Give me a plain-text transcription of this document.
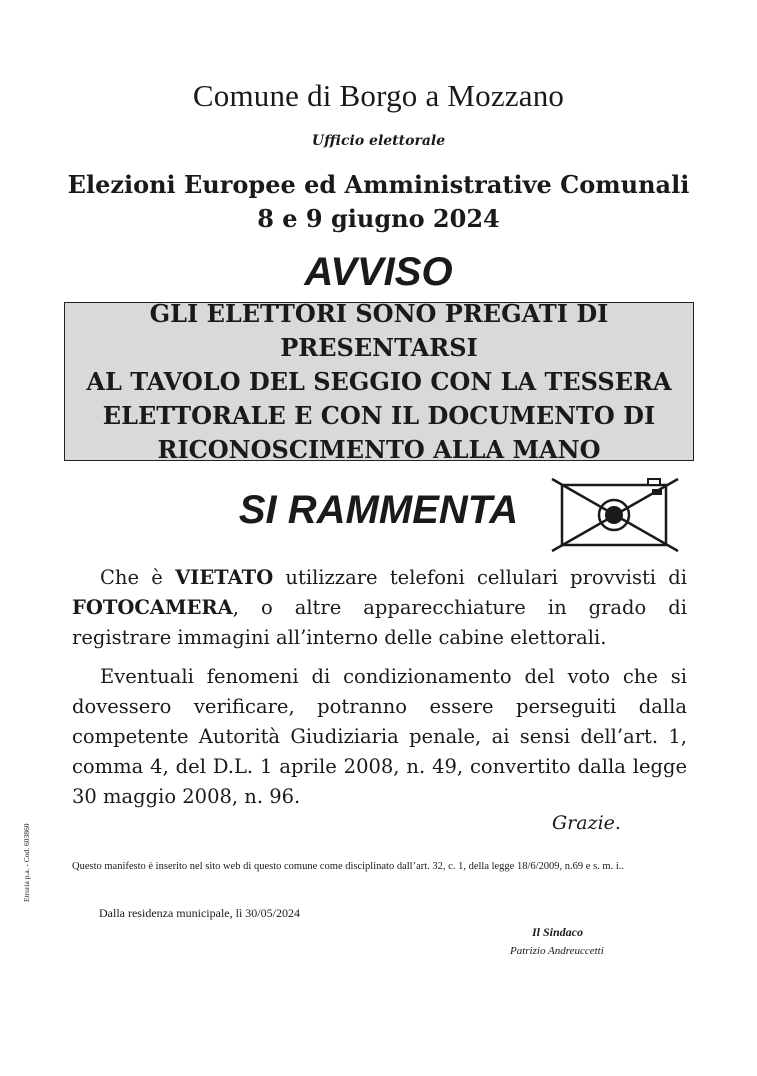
Comune di Borgo a Mozzano
Ufficio elettorale
Elezioni Europee ed Amministrative Comunali
8 e 9 giugno 2024
AVVISO
GLI ELETTORI SONO PREGATI DI PRESENTARSI
AL TAVOLO DEL SEGGIO CON LA TESSERA
ELETTORALE E CON IL DOCUMENTO DI
RICONOSCIMENTO ALLA MANO
SI RAMMENTA
Che è VIETATO utilizzare telefoni cellulari provvisti di FOTOCAMERA, o altre apparecchiature in grado di registrare immagini all’interno delle cabine elettorali.
Eventuali fenomeni di condizionamento del voto che si dovessero verificare, potranno essere perseguiti dalla competente Autorità Giudiziaria penale, ai sensi dell’art. 1, comma 4, del D.L. 1 aprile 2008, n. 49, convertito dalla legge 30 maggio 2008, n. 96.
Grazie.
Questo manifesto è inserito nel sito web di questo comune come disciplinato dall’art. 32, c. 1, della legge 18/6/2009, n.69 e s. m. i..
Dalla residenza municipale, lì 30/05/2024
Il Sindaco
Patrizio Andreuccetti
Etruria p.a. - Cod. 603860
